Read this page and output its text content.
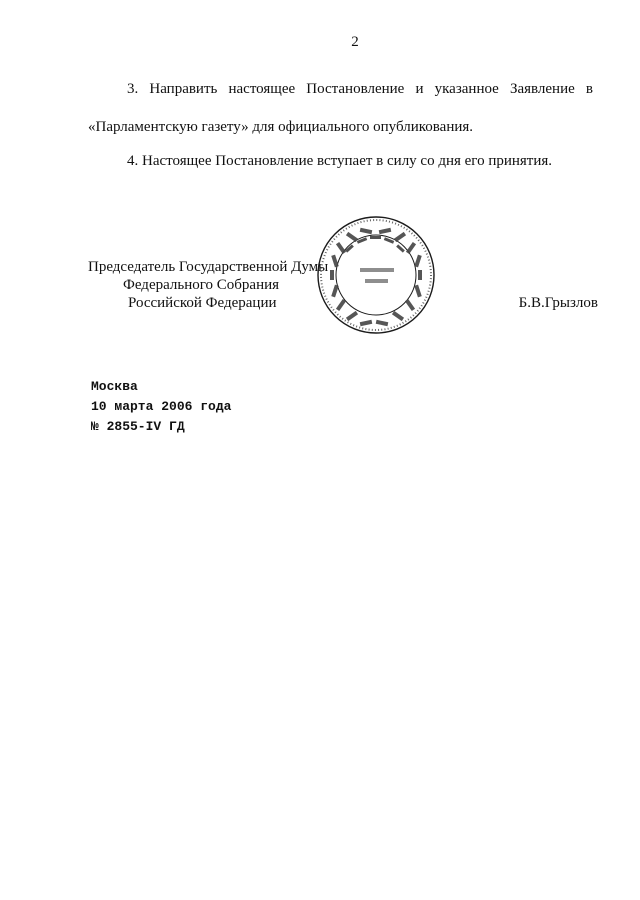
2
3. Направить настоящее Постановление и указанное Заявление в
«Парламентскую газету» для официального опубликования.
4. Настоящее Постановление вступает в силу со дня его принятия.
Председатель Государственной Думы
Федерального Собрания
Российской Федерации	Б.В.Грызлов
Москва
10 марта 2006 года
№ 2855-IV ГД
